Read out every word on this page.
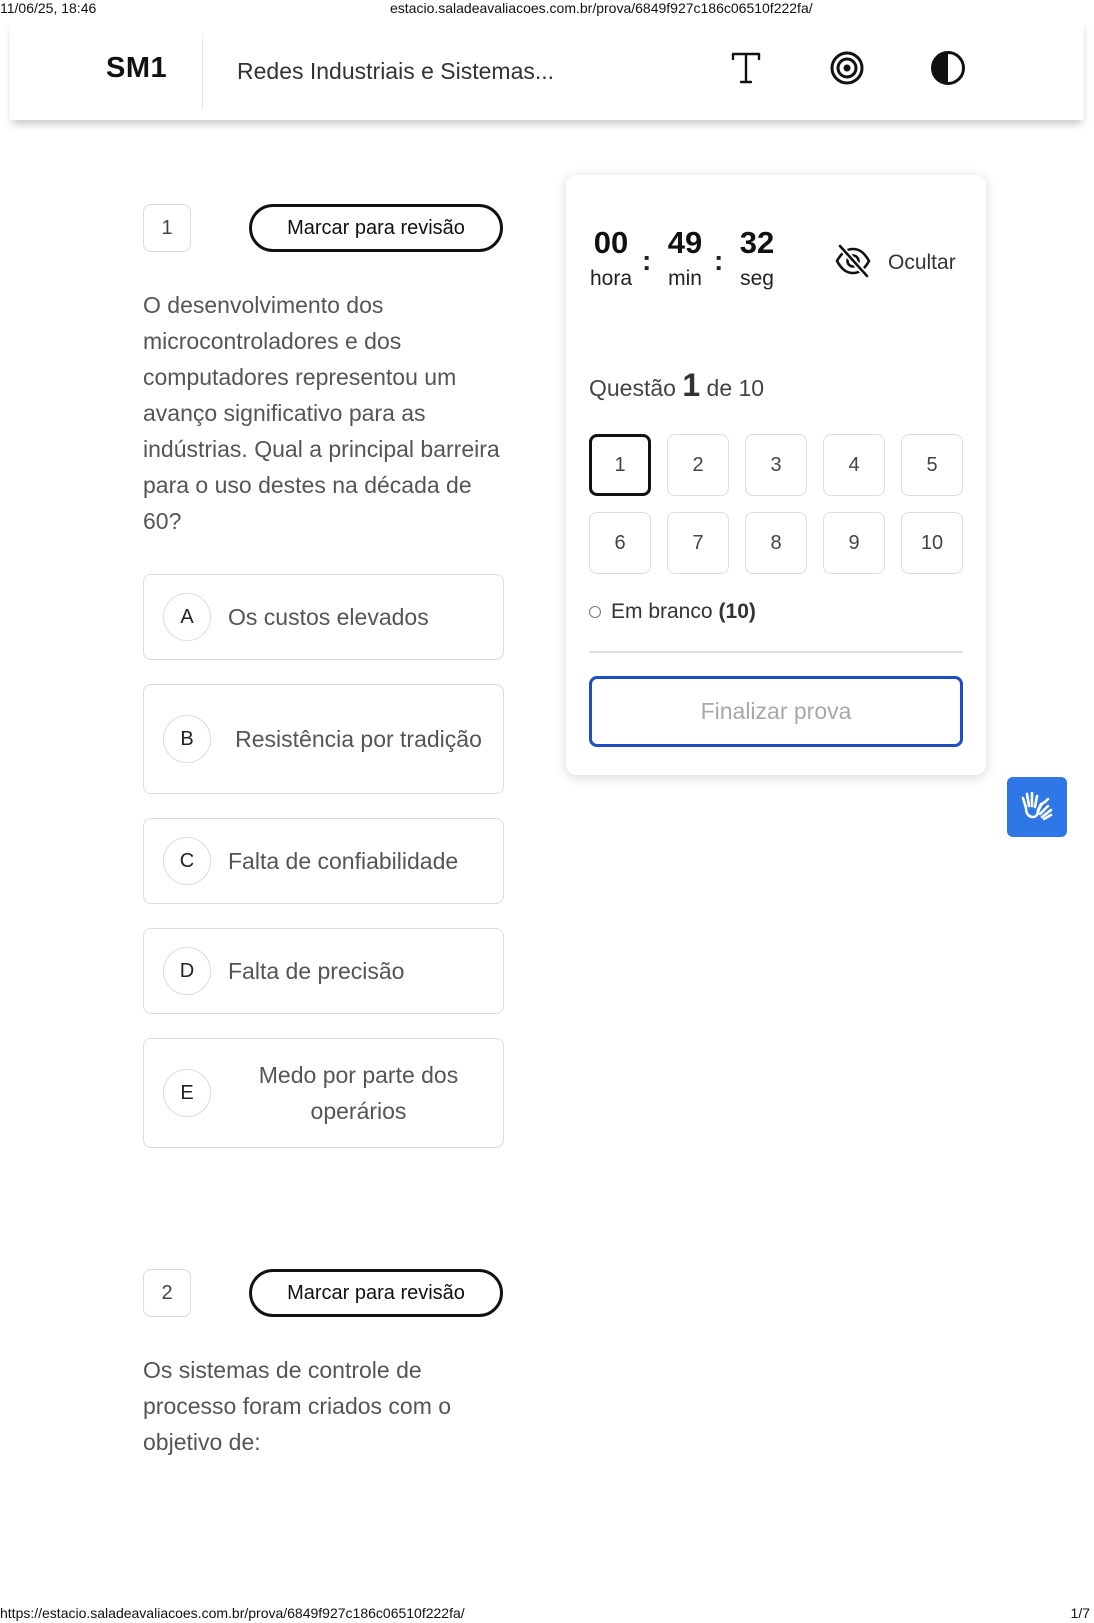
11/06/25, 18:46	estacio.saladeavaliacoes.com.br/prova/6849f927c186c06510f222fa/
SM1	Redes Industriais e Sistemas...
1	Marcar para revisão
O desenvolvimento dos microcontroladores e dos computadores representou um avanço significativo para as indústrias. Qual a principal barreira para o uso destes na década de 60?
A	Os custos elevados
B	Resistência por tradição
C	Falta de confiabilidade
D	Falta de precisão
E
Medo por parte dos operários
2	Marcar para revisão
Os sistemas de controle de processo foram criados com o objetivo de:
00
hora
:
49
min
:
32
seg
Ocultar
Questão 1 de 10
1	2	3	4	5
6	7	8	9	10
Em branco (10)
Finalizar prova
https://estacio.saladeavaliacoes.com.br/prova/6849f927c186c06510f222fa/	1/7
